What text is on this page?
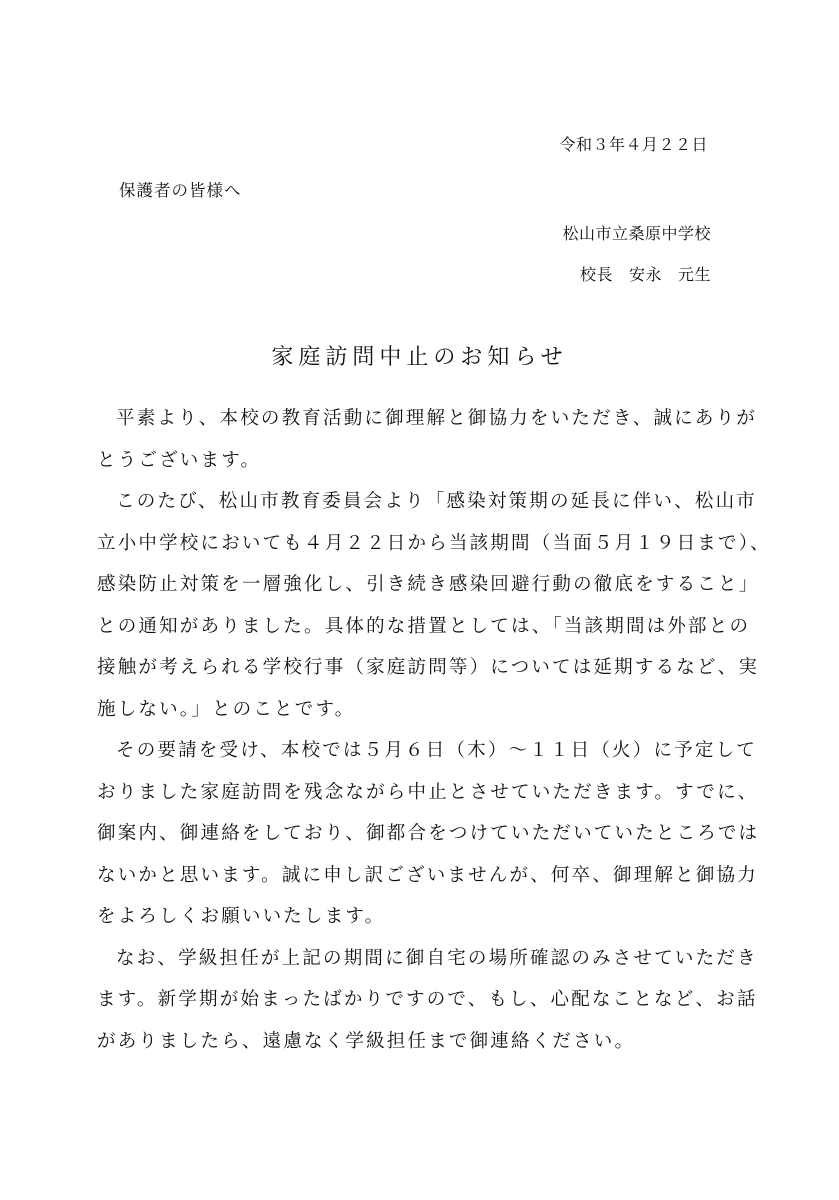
令和３年４月２２日
保護者の皆様へ
松山市立桑原中学校
校長 安永 元生
家庭訪問中止のお知らせ
平素より、本校の教育活動に御理解と御協力をいただき、誠にありが
とうございます。
このたび、松山市教育委員会より「感染対策期の延長に伴い、松山市
立小中学校においても４月２２日から当該期間（当面５月１９日まで）、
感染防止対策を一層強化し、引き続き感染回避行動の徹底をすること」
との通知がありました。具体的な措置としては、「当該期間は外部との
接触が考えられる学校行事（家庭訪問等）については延期するなど、実
施しない。」とのことです。
その要請を受け、本校では５月６日（木）～１１日（火）に予定して
おりました家庭訪問を残念ながら中止とさせていただきます。すでに、
御案内、御連絡をしており、御都合をつけていただいていたところでは
ないかと思います。誠に申し訳ございませんが、何卒、御理解と御協力
をよろしくお願いいたします。
なお、学級担任が上記の期間に御自宅の場所確認のみさせていただき
ます。新学期が始まったばかりですので、もし、心配なことなど、お話
がありましたら、遠慮なく学級担任まで御連絡ください。
